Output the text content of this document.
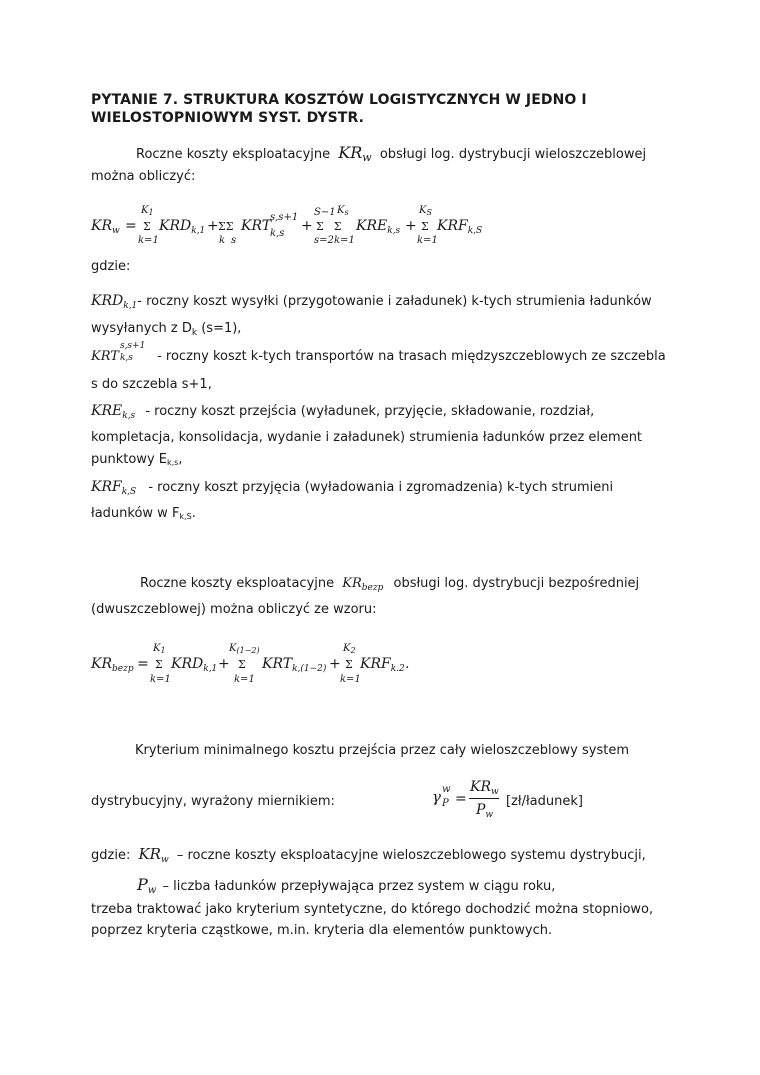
PYTANIE 7. STRUKTURA KOSZTÓW LOGISTYCZNYCH W JEDNO I
WIELOSTOPNIOWYM SYST. DYSTR.
Roczne koszty eksploatacyjne $KR_w$ obsługi log. dystrybucji wieloszczeblowej
można obliczyć:
$KR_w$ =
$K_1$
Σ
k=1
$KRD_{k,1} + \Sigma\Sigma$
k s
KRT
s,s+1
k,s +
S−1 $K_s$
ΣΣ
s=2 k=1
$KRE_{k,s}$ +
$K_S$
Σ
k=1
$KRF_{k,S}$
gdzie:
$KRD_{k,1}-$ roczny koszt wysyłki (przygotowanie i załadunek) k-tych strumienia ładunków
wysyłanych z $D_k$ (s=1),
KRT
s,s+1
k,s - roczny koszt k-tych transportów na trasach międzyszczeblowych ze szczebla
s do szczebla s+1,
$KRE_{k,s}$ - roczny koszt przejścia (wyładunek, przyjęcie, składowanie, rozdział,
kompletacja, konsolidacja, wydanie i załadunek) strumienia ładunków przez element
punktowy Ek,s,
$KRF_{k,S}$ - roczny koszt przyjęcia (wyładowania i zgromadzenia) k-tych strumieni
ładunków w Fk,S.
Roczne koszty eksploatacyjne $KR_{bezp}$ obsługi log. dystrybucji bezpośredniej
(dwuszczeblowej) można obliczyć ze wzoru:
$KR_{bezp}$ =
$K_1$
Σ
k=1
$KRD_{k,1}$ +
$K_{(1-2)}$
Σ
k=1
$KRT_{k,(1-2)}$ +
$K_2$
Σ
k=1
$KRF_{k.2}$ .
Kryterium minimalnego kosztu przejścia przez cały wieloszczeblowy system
dystrybucyjny, wyrażony miernikiem:	γ w
P =
$KR_w$
$P_w$
[zł/ładunek]
gdzie: $KR_w$ – roczne koszty eksploatacyjne wieloszczeblowego systemu dystrybucji,
$P_w$ – liczba ładunków przepływająca przez system w ciągu roku,
trzeba traktować jako kryterium syntetyczne, do którego dochodzić można stopniowo,
poprzez kryteria cząstkowe, m.in. kryteria dla elementów punktowych.
